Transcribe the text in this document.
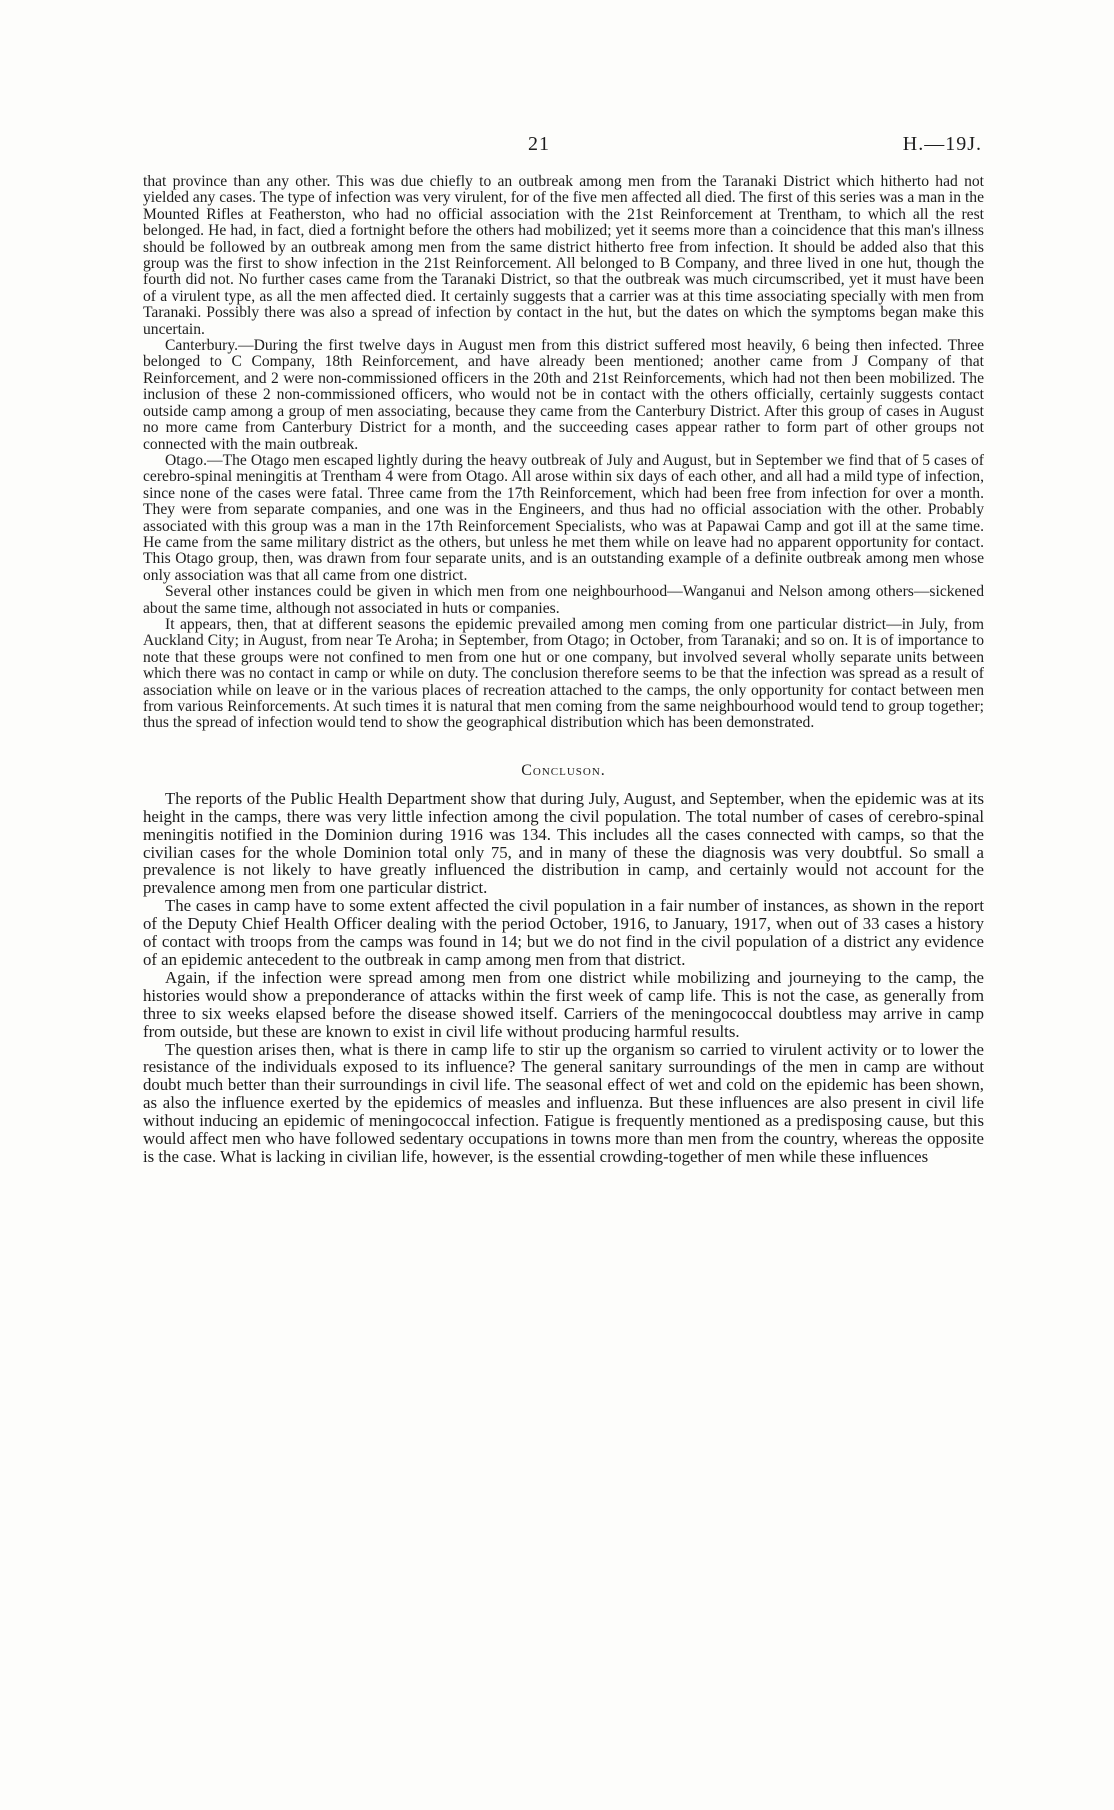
21	H.—19J.

that province than any other. This was due chiefly to an outbreak among men from the Taranaki District which hitherto had not yielded any cases. The type of infection was very virulent, for of the five men affected all died. The first of this series was a man in the Mounted Rifles at Featherston, who had no official association with the 21st Reinforcement at Trentham, to which all the rest belonged. He had, in fact, died a fortnight before the others had mobilized; yet it seems more than a coincidence that this man's illness should be followed by an outbreak among men from the same district hitherto free from infection. It should be added also that this group was the first to show infection in the 21st Reinforcement. All belonged to B Company, and three lived in one hut, though the fourth did not. No further cases came from the Taranaki District, so that the outbreak was much circumscribed, yet it must have been of a virulent type, as all the men affected died. It certainly suggests that a carrier was at this time associating specially with men from Taranaki. Possibly there was also a spread of infection by contact in the hut, but the dates on which the symptoms began make this uncertain.

Canterbury.—During the first twelve days in August men from this district suffered most heavily, 6 being then infected. Three belonged to C Company, 18th Reinforcement, and have already been mentioned; another came from J Company of that Reinforcement, and 2 were non-commissioned officers in the 20th and 21st Reinforcements, which had not then been mobilized. The inclusion of these 2 non-commissioned officers, who would not be in contact with the others officially, certainly suggests contact outside camp among a group of men associating, because they came from the Canterbury District. After this group of cases in August no more came from Canterbury District for a month, and the succeeding cases appear rather to form part of other groups not connected with the main outbreak.

Otago.—The Otago men escaped lightly during the heavy outbreak of July and August, but in September we find that of 5 cases of cerebro-spinal meningitis at Trentham 4 were from Otago. All arose within six days of each other, and all had a mild type of infection, since none of the cases were fatal. Three came from the 17th Reinforcement, which had been free from infection for over a month. They were from separate companies, and one was in the Engineers, and thus had no official association with the other. Probably associated with this group was a man in the 17th Reinforcement Specialists, who was at Papawai Camp and got ill at the same time. He came from the same military district as the others, but unless he met them while on leave had no apparent opportunity for contact. This Otago group, then, was drawn from four separate units, and is an outstanding example of a definite outbreak among men whose only association was that all came from one district.

Several other instances could be given in which men from one neighbourhood—Wanganui and Nelson among others—sickened about the same time, although not associated in huts or companies.

It appears, then, that at different seasons the epidemic prevailed among men coming from one particular district—in July, from Auckland City; in August, from near Te Aroha; in September, from Otago; in October, from Taranaki; and so on. It is of importance to note that these groups were not confined to men from one hut or one company, but involved several wholly separate units between which there was no contact in camp or while on duty. The conclusion therefore seems to be that the infection was spread as a result of association while on leave or in the various places of recreation attached to the camps, the only opportunity for contact between men from various Reinforcements. At such times it is natural that men coming from the same neighbourhood would tend to group together; thus the spread of infection would tend to show the geographical distribution which has been demonstrated.

Concluson.

The reports of the Public Health Department show that during July, August, and September, when the epidemic was at its height in the camps, there was very little infection among the civil population. The total number of cases of cerebro-spinal meningitis notified in the Dominion during 1916 was 134. This includes all the cases connected with camps, so that the civilian cases for the whole Dominion total only 75, and in many of these the diagnosis was very doubtful. So small a prevalence is not likely to have greatly influenced the distribution in camp, and certainly would not account for the prevalence among men from one particular district.

The cases in camp have to some extent affected the civil population in a fair number of instances, as shown in the report of the Deputy Chief Health Officer dealing with the period October, 1916, to January, 1917, when out of 33 cases a history of contact with troops from the camps was found in 14; but we do not find in the civil population of a district any evidence of an epidemic antecedent to the outbreak in camp among men from that district.

Again, if the infection were spread among men from one district while mobilizing and journeying to the camp, the histories would show a preponderance of attacks within the first week of camp life. This is not the case, as generally from three to six weeks elapsed before the disease showed itself. Carriers of the meningococcal doubtless may arrive in camp from outside, but these are known to exist in civil life without producing harmful results.

The question arises then, what is there in camp life to stir up the organism so carried to virulent activity or to lower the resistance of the individuals exposed to its influence? The general sanitary surroundings of the men in camp are without doubt much better than their surroundings in civil life. The seasonal effect of wet and cold on the epidemic has been shown, as also the influence exerted by the epidemics of measles and influenza. But these influences are also present in civil life without inducing an epidemic of meningococcal infection. Fatigue is frequently mentioned as a predisposing cause, but this would affect men who have followed sedentary occupations in towns more than men from the country, whereas the opposite is the case. What is lacking in civilian life, however, is the essential crowding-together of men while these influences
